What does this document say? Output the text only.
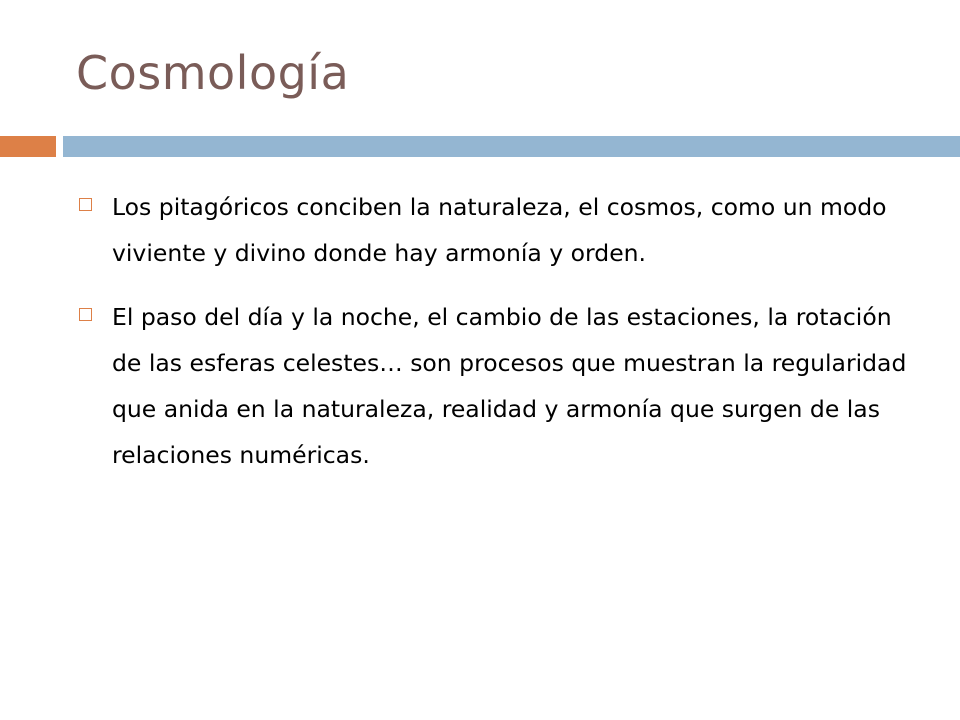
Cosmología
Los pitagóricos conciben la naturaleza, el cosmos, como un modo viviente y divino donde hay armonía y orden.
El paso del día y la noche, el cambio de las estaciones, la rotación de las esferas celestes… son procesos que muestran la regularidad que anida en la naturaleza, realidad y armonía que surgen de las relaciones numéricas.
